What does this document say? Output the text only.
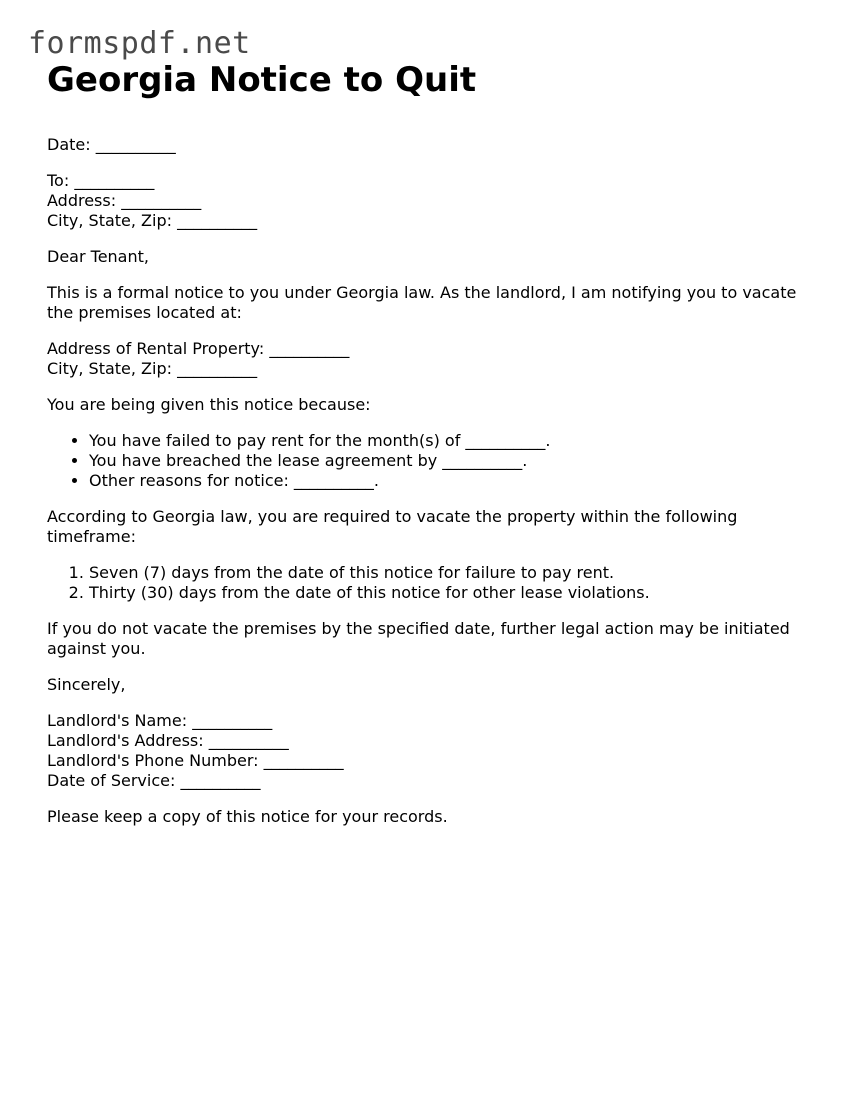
formspdf.net
Georgia Notice to Quit

Date: __________

To: __________
Address: __________
City, State, Zip: __________

Dear Tenant,

This is a formal notice to you under Georgia law. As the landlord, I am notifying you to vacate the premises located at:

Address of Rental Property: __________
City, State, Zip: __________

You are being given this notice because:

• You have failed to pay rent for the month(s) of __________.
• You have breached the lease agreement by __________.
• Other reasons for notice: __________.

According to Georgia law, you are required to vacate the property within the following timeframe:

1. Seven (7) days from the date of this notice for failure to pay rent.
2. Thirty (30) days from the date of this notice for other lease violations.

If you do not vacate the premises by the specified date, further legal action may be initiated against you.

Sincerely,

Landlord's Name: __________
Landlord's Address: __________
Landlord's Phone Number: __________
Date of Service: __________

Please keep a copy of this notice for your records.
